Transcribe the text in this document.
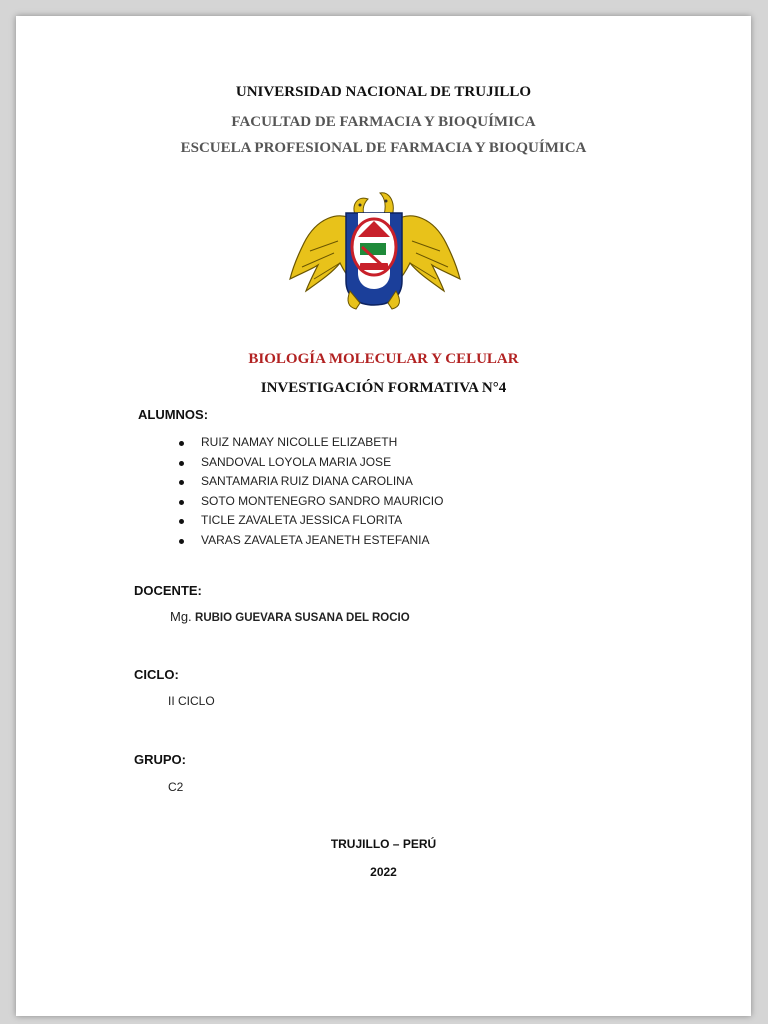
UNIVERSIDAD NACIONAL DE TRUJILLO
FACULTAD DE FARMACIA Y BIOQUÍMICA
ESCUELA PROFESIONAL DE FARMACIA Y BIOQUÍMICA
BIOLOGÍA MOLECULAR Y CELULAR
INVESTIGACIÓN FORMATIVA N°4
ALUMNOS:
RUIZ NAMAY NICOLLE ELIZABETH
SANDOVAL LOYOLA MARIA JOSE
SANTAMARIA RUIZ DIANA CAROLINA
SOTO MONTENEGRO SANDRO MAURICIO
TICLE ZAVALETA JESSICA FLORITA
VARAS ZAVALETA JEANETH ESTEFANIA
DOCENTE:
Mg. RUBIO GUEVARA SUSANA DEL ROCIO
CICLO:
II CICLO
GRUPO:
C2
TRUJILLO – PERÚ
2022
